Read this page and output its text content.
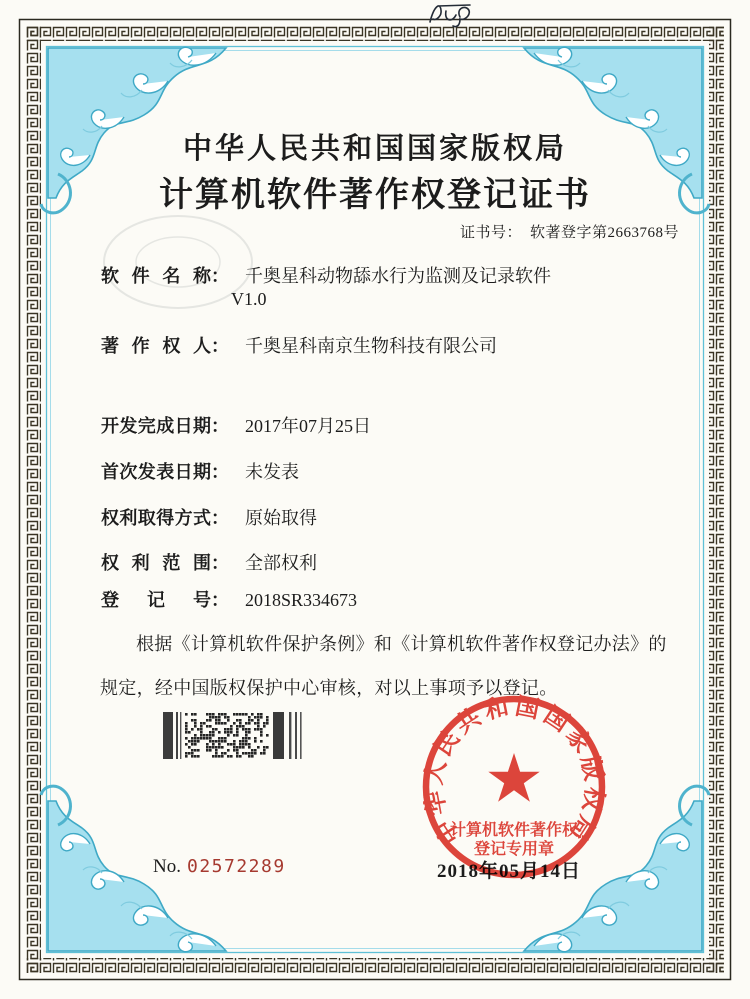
中华人民共和国国家版权局
计算机软件著作权登记证书
证书号： 软著登字第2663768号
软件名称： 千奥星科动物舔水行为监测及记录软件
V1.0
著作权人： 千奥星科南京生物科技有限公司
开发完成日期： 2017年07月25日
首次发表日期： 未发表
权利取得方式： 原始取得
权利范围： 全部权利
登记号： 2018SR334673
根据《计算机软件保护条例》和《计算机软件著作权登记办法》的
规定，经中国版权保护中心审核，对以上事项予以登记。
中华人民共和国国家版权局
计算机软件著作权
登记专用章
2018年05月14日
No. 02572289
